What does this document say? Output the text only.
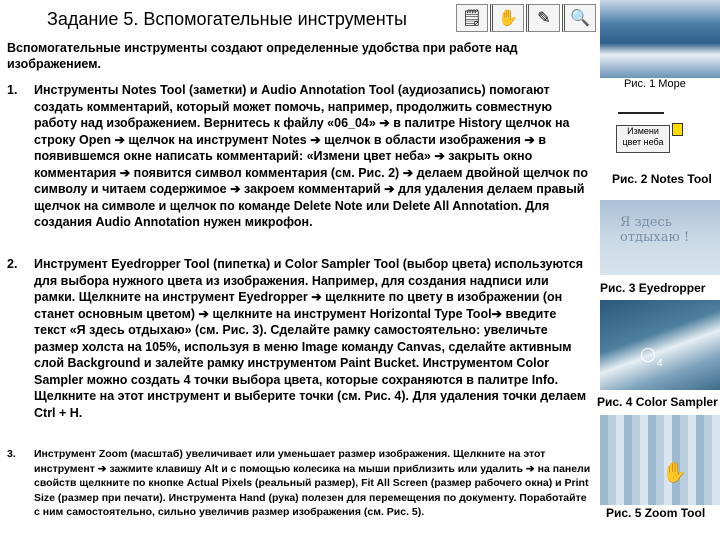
Задание 5. Вспомогательные инструменты	🗒 ✋	✎	🔍
Вспомогательные инструменты создают определенные удобства при работе над изображением.
1. Инструменты Notes Tool (заметки) и Audio Annotation Tool (аудиозапись) помогают создать комментарий, который может помочь, например, продолжить совместную работу над изображением. Вернитесь к файлу «06_04» ➔ в палитре History щелчок на строку Open ➔ щелчок на инструмент Notes ➔ щелчок в области изображения ➔ в появившемся окне написать комментарий: «Измени цвет неба» ➔ закрыть окно комментария ➔ появится символ комментария (см. Рис. 2) ➔ делаем двойной щелчок по символу и читаем содержимое ➔ закроем комментарий ➔ для удаления делаем правый щелчок на символе и щелчок по команде Delete Note или Delete All Annotation. Для создания Audio Annotation нужен микрофон.
2. Инструмент Eyedropper Tool (пипетка) и Color Sampler Tool (выбор цвета) используются для выбора нужного цвета из изображения. Например, для создания надписи или рамки. Щелкните на инструмент Eyedropper ➔ щелкните по цвету в изображении (он станет основным цветом) ➔ щелкните на инструмент Horizontal Type Tool➔ введите текст «Я здесь отдыхаю» (см. Рис. 3). Сделайте рамку самостоятельно: увеличьте размер холста на 105%, используя в меню Image команду Canvas, сделайте активным слой Background и залейте рамку инструментом Paint Bucket. Инструментом Color Sampler можно создать 4 точки выбора цвета, которые сохраняются в палитре Info. Щелкните на этот инструмент и выберите точки (см. Рис. 4). Для удаления точки делаем Ctrl + H.
3. Инструмент Zoom (масштаб) увеличивает или уменьшает размер изображения. Щелкните на этот инструмент ➔ зажмите клавишу Alt и с помощью колесика на мыши приблизить или удалить ➔ на панели свойств щелкните по кнопке Actual Pixels (реальный размер), Fit All Screen (размер рабочего окна) и Print Size (размер при печати). Инструмента Hand (рука) полезен для перемещения по документу. Поработайте с ним самостоятельно, сильно увеличив размер изображения (см. Рис. 5).
Рис. 1 Море
Измени цвет неба
Рис. 2 Notes Tool
Я здесь отдыхаю !
Рис. 3 Eyedropper
4
Рис. 4 Color Sampler
✋
Рис. 5 Zoom Tool
